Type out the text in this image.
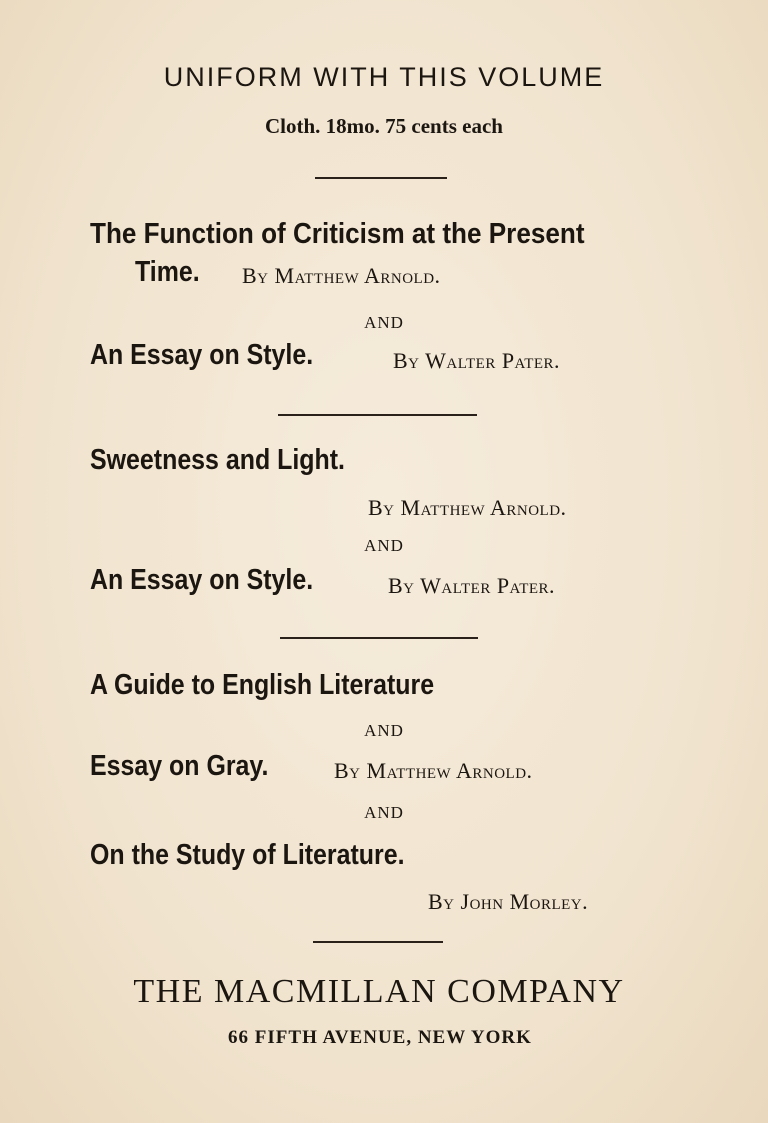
UNIFORM WITH THIS VOLUME
Cloth. 18mo. 75 cents each
The Function of Criticism at the Present
Time. By Matthew Arnold.
AND
An Essay on Style.	By Walter Pater.
Sweetness and Light.
By Matthew Arnold.
AND
An Essay on Style.	By Walter Pater.
A Guide to English Literature
AND
Essay on Gray.	By Matthew Arnold.
AND
On the Study of Literature.
By John Morley.
THE MACMILLAN COMPANY
66 FIFTH AVENUE, NEW YORK
